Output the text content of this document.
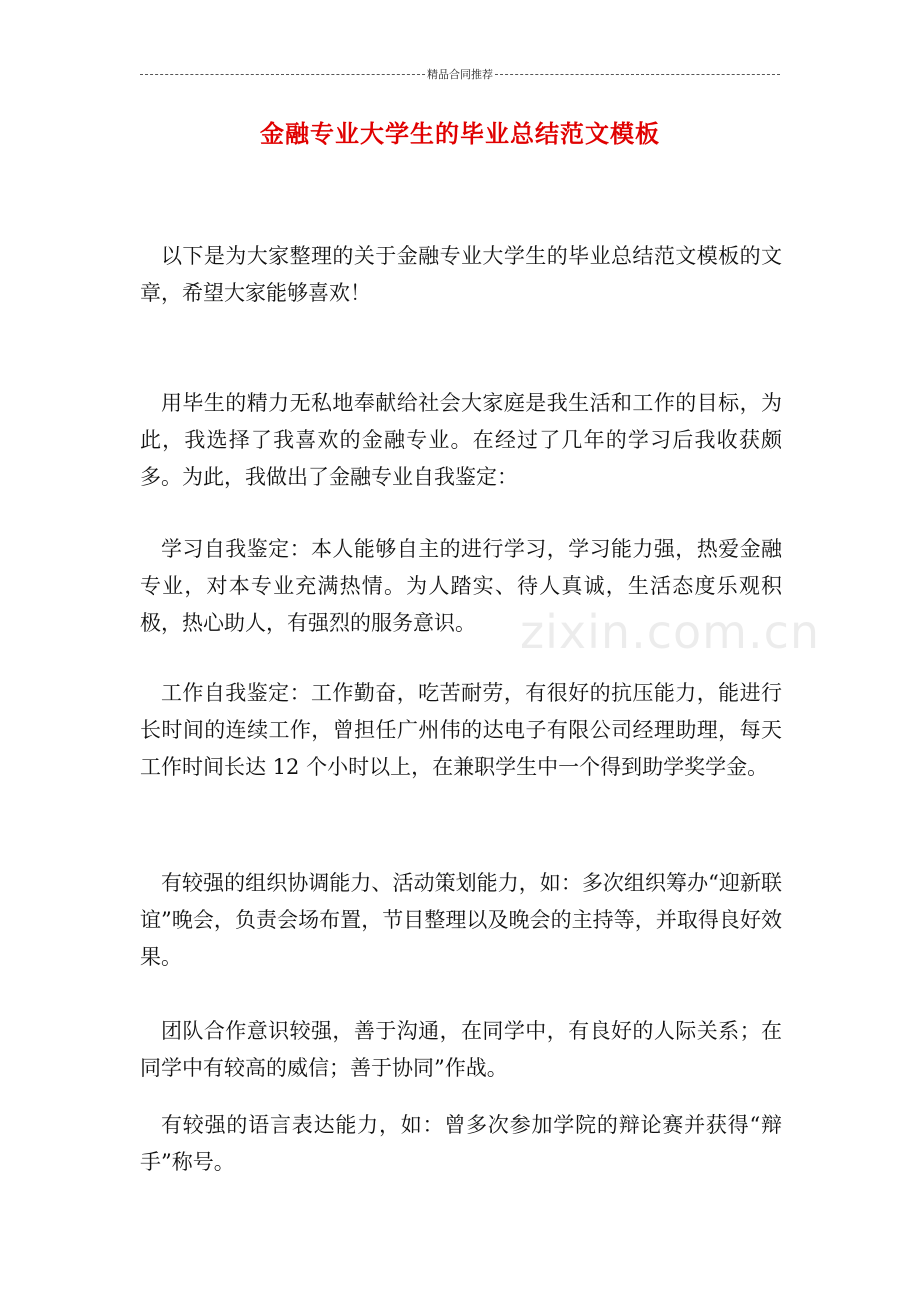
精品合同推荐
金融专业大学生的毕业总结范文模板

以下是为大家整理的关于金融专业大学生的毕业总结范文模板的文章，希望大家能够喜欢！

用毕生的精力无私地奉献给社会大家庭是我生活和工作的目标，为此，我选择了我喜欢的金融专业。在经过了几年的学习后我收获颇多。为此，我做出了金融专业自我鉴定：

学习自我鉴定：本人能够自主的进行学习，学习能力强，热爱金融专业，对本专业充满热情。为人踏实、待人真诚，生活态度乐观积极，热心助人，有强烈的服务意识。

工作自我鉴定：工作勤奋，吃苦耐劳，有很好的抗压能力，能进行长时间的连续工作，曾担任广州伟的达电子有限公司经理助理，每天工作时间长达 12 个小时以上，在兼职学生中一个得到助学奖学金。

有较强的组织协调能力、活动策划能力，如：多次组织筹办“迎新联谊”晚会，负责会场布置，节目整理以及晚会的主持等，并取得良好效果。

团队合作意识较强，善于沟通，在同学中，有良好的人际关系；在同学中有较高的威信；善于协同”作战。

有较强的语言表达能力，如：曾多次参加学院的辩论赛并获得“辩手”称号。

zixin.com.cn
